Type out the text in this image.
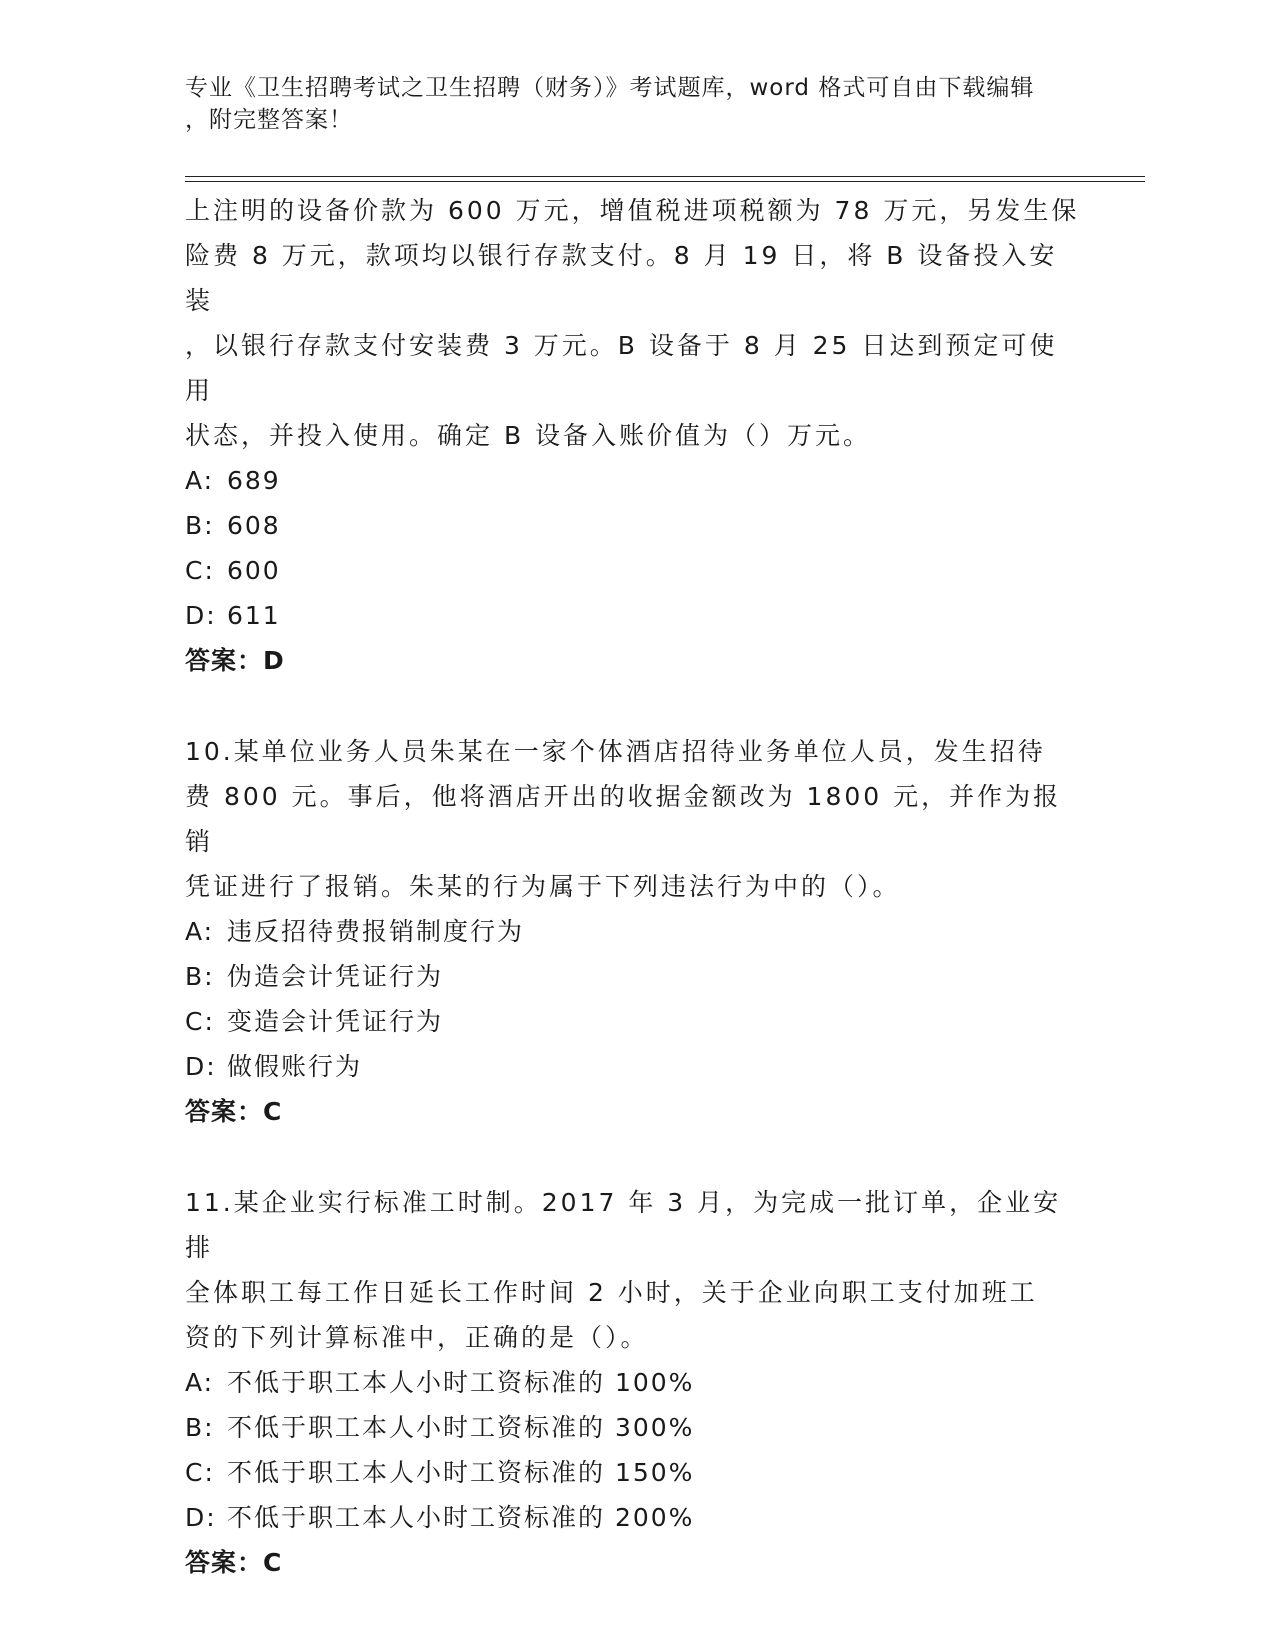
专业《卫生招聘考试之卫生招聘（财务）》考试题库，word 格式可自由下载编辑
，附完整答案！

上注明的设备价款为 600 万元，增值税进项税额为 78 万元，另发生保

险费 8 万元，款项均以银行存款支付。8 月 19 日，将 B 设备投入安装

，以银行存款支付安装费 3 万元。B 设备于 8 月 25 日达到预定可使用

状态，并投入使用。确定 B 设备入账价值为（）万元。

A: 689

B: 608

C: 600

D: 611

答案：D

10.某单位业务人员朱某在一家个体酒店招待业务单位人员，发生招待

费 800 元。事后，他将酒店开出的收据金额改为 1800 元，并作为报销

凭证进行了报销。朱某的行为属于下列违法行为中的（）。

A: 违反招待费报销制度行为

B: 伪造会计凭证行为

C: 变造会计凭证行为

D: 做假账行为

答案：C

11.某企业实行标准工时制。2017 年 3 月，为完成一批订单，企业安排

全体职工每工作日延长工作时间 2 小时，关于企业向职工支付加班工

资的下列计算标准中，正确的是（）。

A: 不低于职工本人小时工资标准的 100%

B: 不低于职工本人小时工资标准的 300%

C: 不低于职工本人小时工资标准的 150%

D: 不低于职工本人小时工资标准的 200%

答案：C
